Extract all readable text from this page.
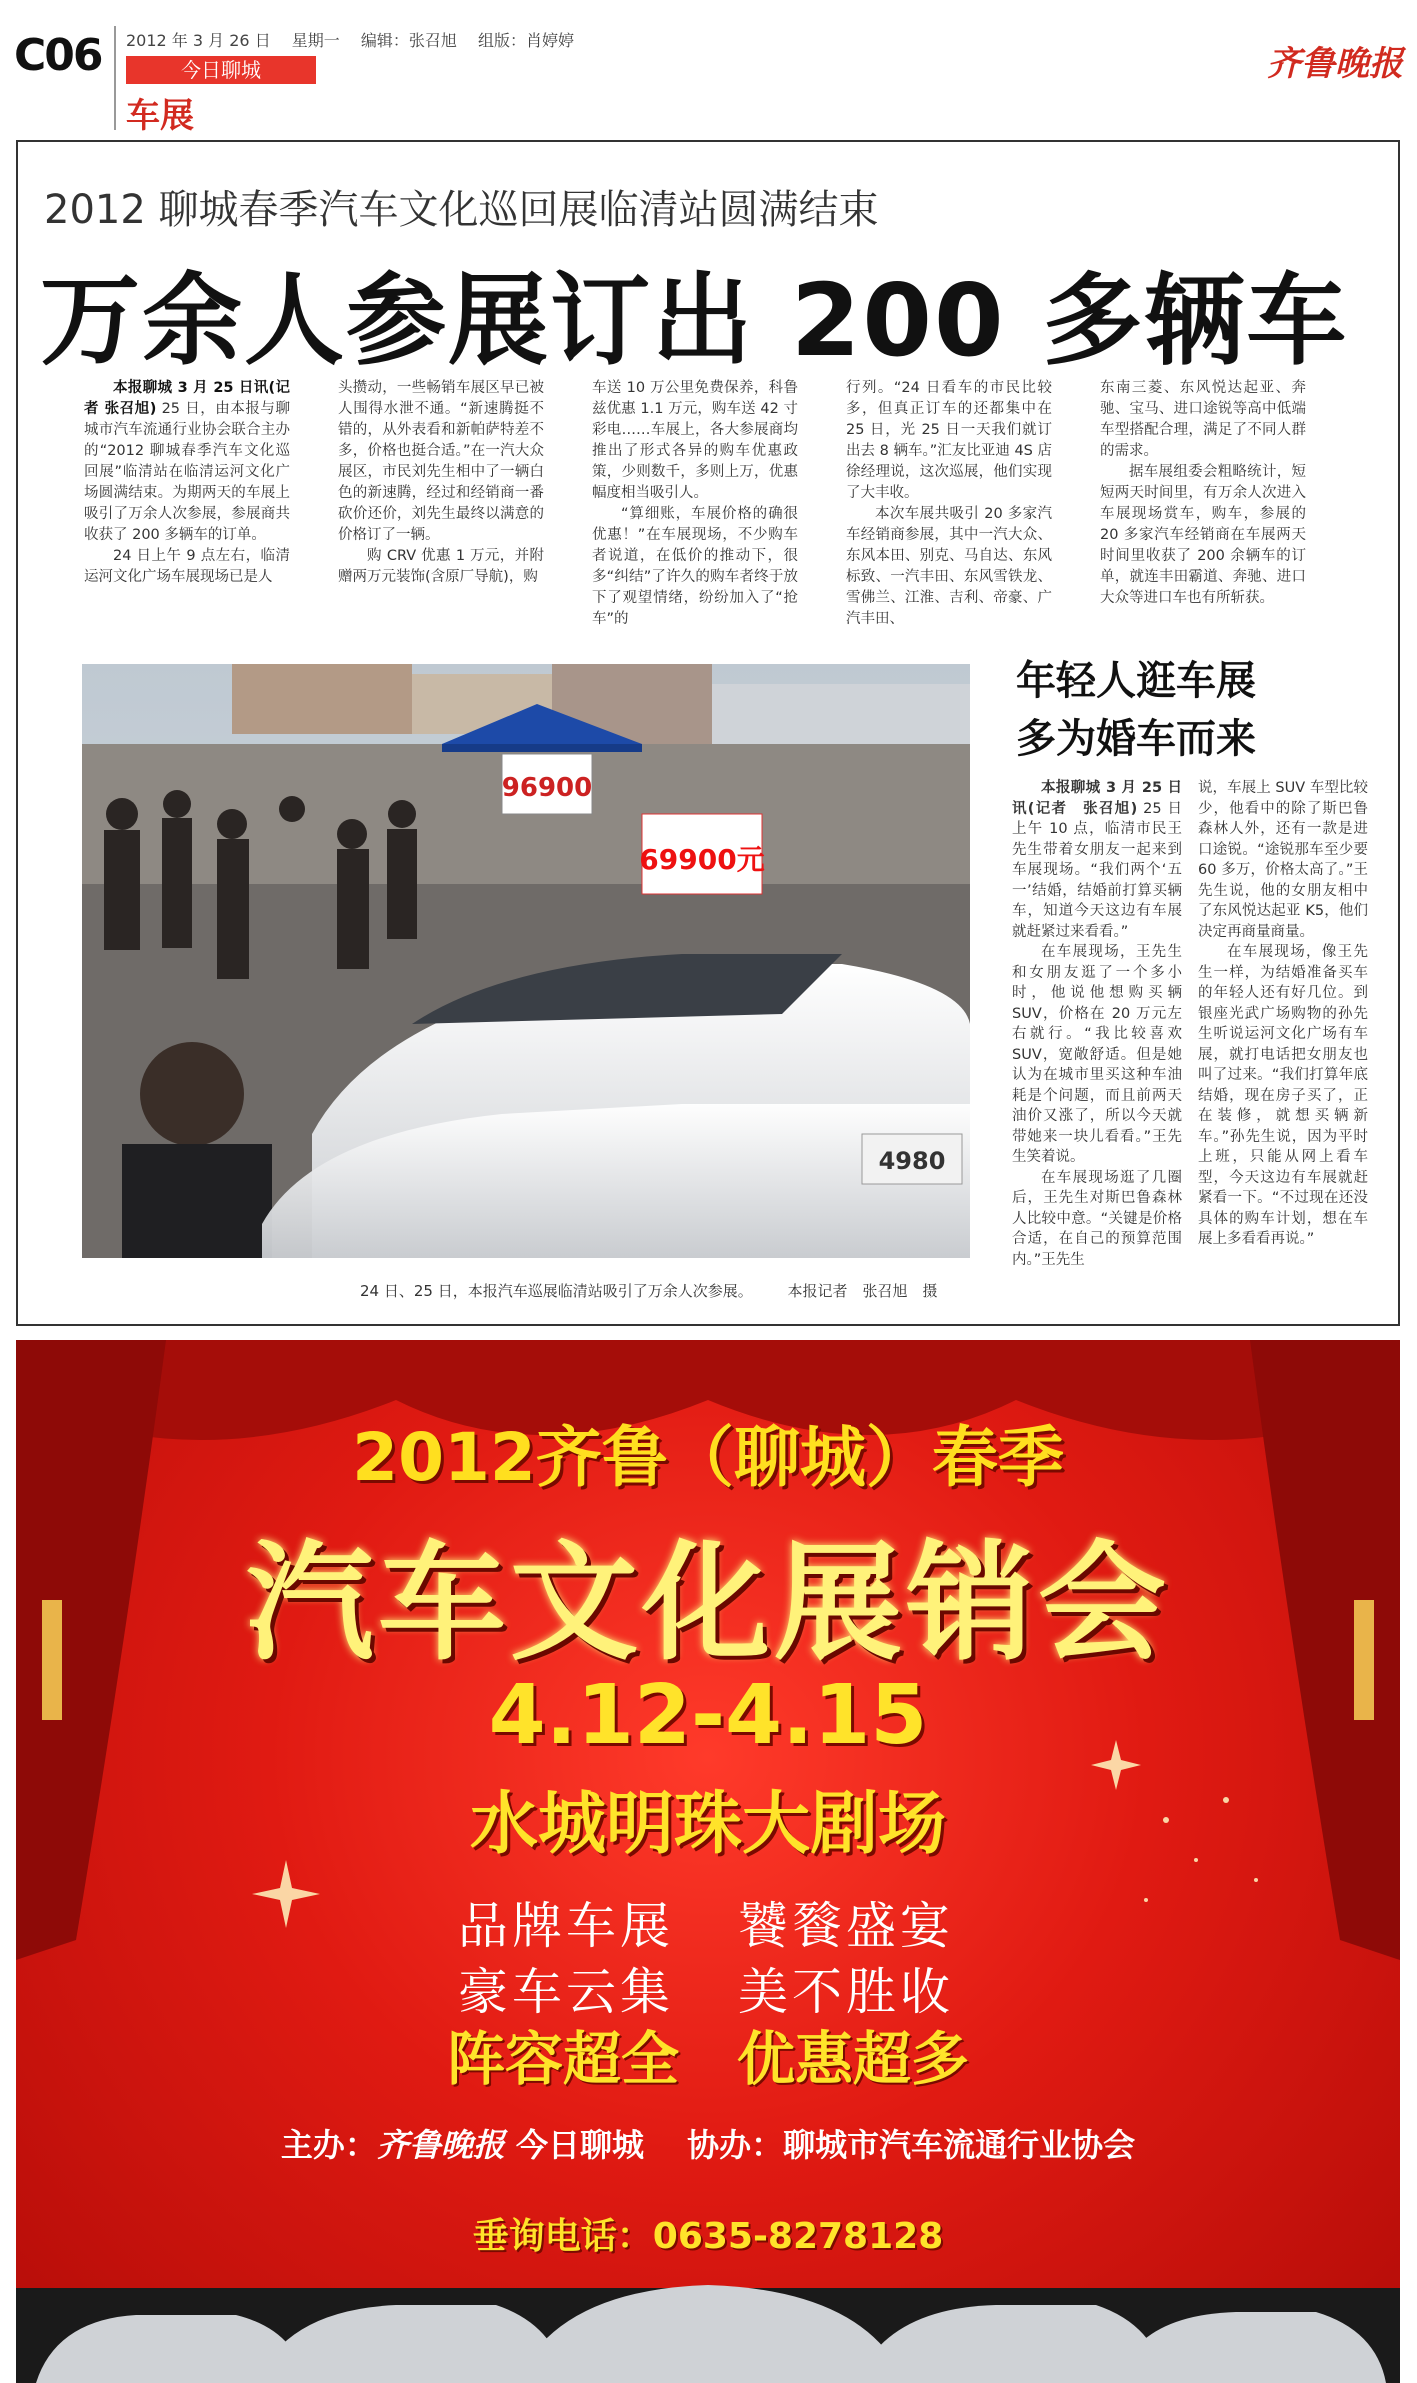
C06 2012 年 3 月 26 日 星期一 编辑：张召旭 组版：肖婷婷
今日聊城
车展
齐鲁晚报
2012 聊城春季汽车文化巡回展临清站圆满结束
万余人参展订出 200 多辆车

本报聊城 3 月 25 日讯(记者 张召旭) 25 日，由本报与聊城市汽车流通行业协会联合主办的“2012 聊城春季汽车文化巡回展”临清站在临清运河文化广场圆满结束。为期两天的车展上吸引了万余人次参展，参展商共收获了 200 多辆车的订单。

24 日上午 9 点左右，临清运河文化广场车展现场已是人

头攒动，一些畅销车展区早已被人围得水泄不通。“新速腾挺不错的，从外表看和新帕萨特差不多，价格也挺合适。”在一汽大众展区，市民刘先生相中了一辆白色的新速腾，经过和经销商一番砍价还价，刘先生最终以满意的价格订了一辆。

购 CRV 优惠 1 万元，并附赠两万元装饰(含原厂导航)，购

车送 10 万公里免费保养，科鲁兹优惠 1.1 万元，购车送 42 寸彩电……车展上，各大参展商均推出了形式各异的购车优惠政策，少则数千，多则上万，优惠幅度相当吸引人。

“算细账，车展价格的确很优惠！”在车展现场，不少购车者说道，在低价的推动下，很多“纠结”了许久的购车者终于放下了观望情绪，纷纷加入了“抢车”的

行列。“24 日看车的市民比较多，但真正订车的还都集中在 25 日，光 25 日一天我们就订出去 8 辆车。”汇友比亚迪 4S 店徐经理说，这次巡展，他们实现了大丰收。

本次车展共吸引 20 多家汽车经销商参展，其中一汽大众、东风本田、别克、马自达、东风标致、一汽丰田、东风雪铁龙、雪佛兰、江淮、吉利、帝豪、广汽丰田、

东南三菱、东风悦达起亚、奔驰、宝马、进口途锐等高中低端车型搭配合理，满足了不同人群的需求。

据车展组委会粗略统计，短短两天时间里，有万余人次进入车展现场赏车，购车，参展的 20 多家汽车经销商在车展两天时间里收获了 200 余辆车的订单，就连丰田霸道、奔驰、进口大众等进口车也有所斩获。

96900
69900元
4980
24 日、25 日，本报汽车巡展临清站吸引了万余人次参展。 本报记者　张召旭　摄
年轻人逛车展
多为婚车而来

本报聊城 3 月 25 日讯(记者　张召旭) 25 日上午 10 点，临清市民王先生带着女朋友一起来到车展现场。“我们两个‘五一’结婚，结婚前打算买辆车，知道今天这边有车展就赶紧过来看看。”

在车展现场，王先生和女朋友逛了一个多小时，他说他想购买辆 SUV，价格在 20 万元左右就行。“我比较喜欢 SUV，宽敞舒适。但是她认为在城市里买这种车油耗是个问题，而且前两天油价又涨了，所以今天就带她来一块儿看看。”王先生笑着说。

在车展现场逛了几圈后，王先生对斯巴鲁森林人比较中意。“关键是价格合适，在自己的预算范围内。”王先生

说，车展上 SUV 车型比较少，他看中的除了斯巴鲁森林人外，还有一款是进口途锐。“途锐那车至少要 60 多万，价格太高了。”王先生说，他的女朋友相中了东风悦达起亚 K5，他们决定再商量商量。

在车展现场，像王先生一样，为结婚准备买车的年轻人还有好几位。到银座光武广场购物的孙先生听说运河文化广场有车展，就打电话把女朋友也叫了过来。“我们打算年底结婚，现在房子买了，正在装修，就想买辆新车。”孙先生说，因为平时上班，只能从网上看车型，今天这边有车展就赶紧看一下。“不过现在还没具体的购车计划，想在车展上多看看再说。”

2012齐鲁（聊城）春季
汽车文化展销会
4.12-4.15
水城明珠大剧场
品牌车展 饕餮盛宴
豪车云集 美不胜收
阵容超全　优惠超多
主办：齐鲁晚报 今日聊城　 协办：聊城市汽车流通行业协会
垂询电话：0635-8278128
